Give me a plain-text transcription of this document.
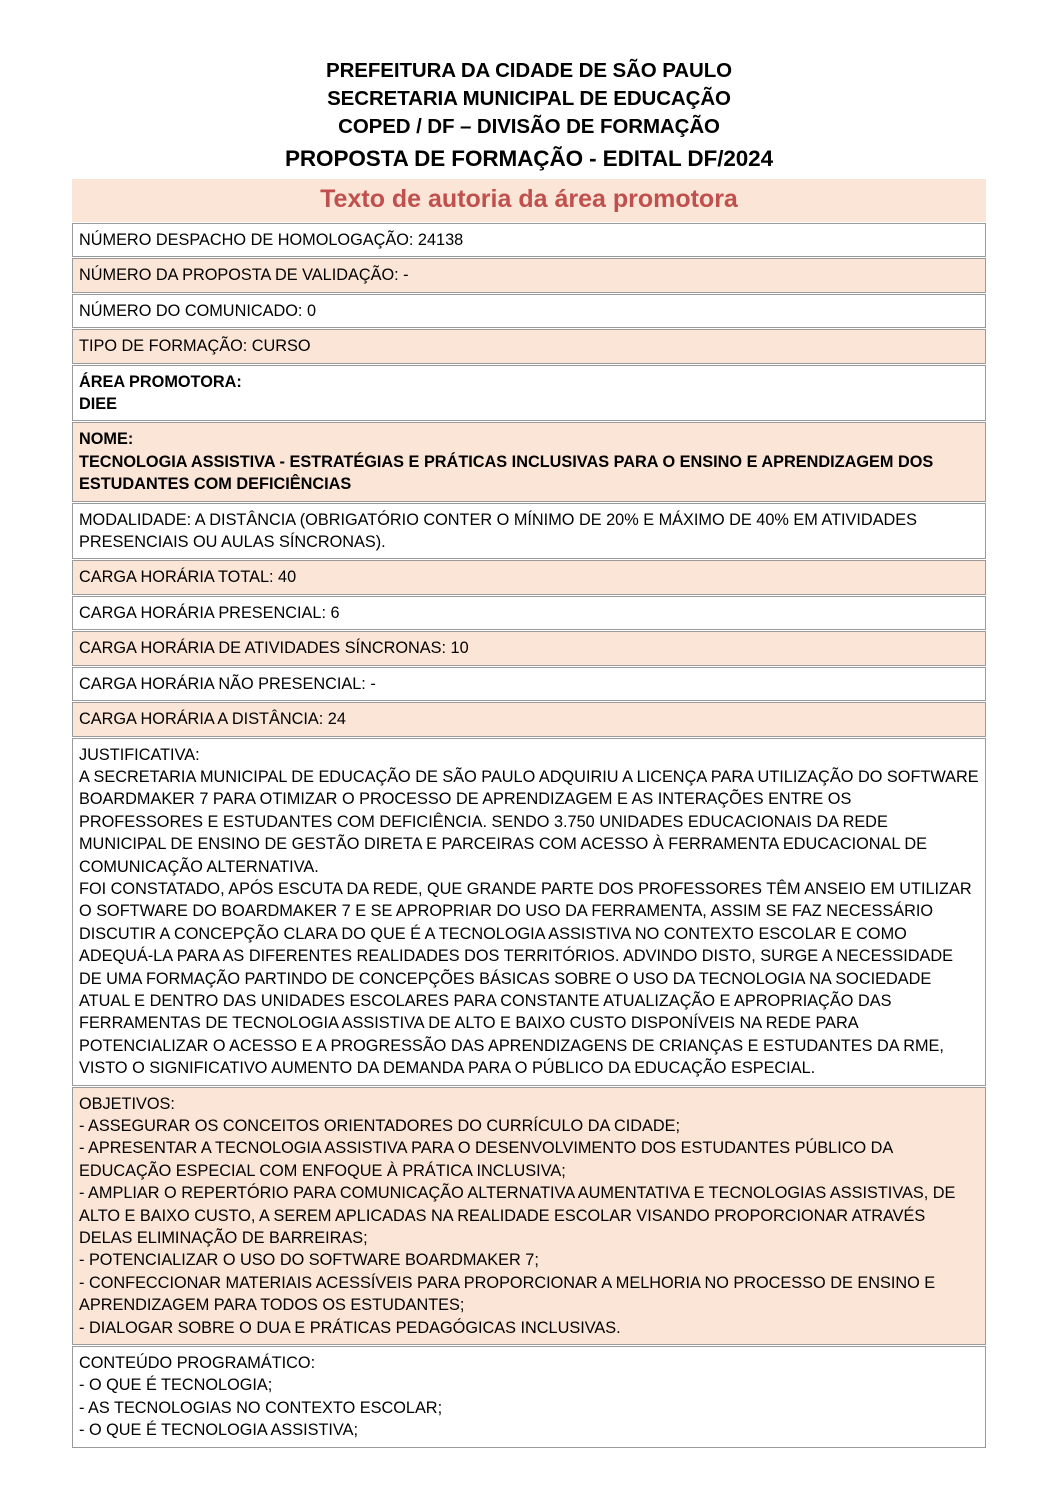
PREFEITURA DA CIDADE DE SÃO PAULO
SECRETARIA MUNICIPAL DE EDUCAÇÃO
COPED / DF – DIVISÃO DE FORMAÇÃO
PROPOSTA DE FORMAÇÃO - EDITAL DF/2024
Texto de autoria da área promotora

NÚMERO DESPACHO DE HOMOLOGAÇÃO: 24138

NÚMERO DA PROPOSTA DE VALIDAÇÃO: -

NÚMERO DO COMUNICADO: 0

TIPO DE FORMAÇÃO: CURSO

ÁREA PROMOTORA:

DIEE

NOME:

TECNOLOGIA ASSISTIVA - ESTRATÉGIAS E PRÁTICAS INCLUSIVAS PARA O ENSINO E APRENDIZAGEM DOS ESTUDANTES COM DEFICIÊNCIAS

MODALIDADE: A DISTÂNCIA (OBRIGATÓRIO CONTER O MÍNIMO DE 20% E MÁXIMO DE 40% EM ATIVIDADES PRESENCIAIS OU AULAS SÍNCRONAS).

CARGA HORÁRIA TOTAL: 40

CARGA HORÁRIA PRESENCIAL: 6

CARGA HORÁRIA DE ATIVIDADES SÍNCRONAS: 10

CARGA HORÁRIA NÃO PRESENCIAL: -

CARGA HORÁRIA A DISTÂNCIA: 24

JUSTIFICATIVA:

A SECRETARIA MUNICIPAL DE EDUCAÇÃO DE SÃO PAULO ADQUIRIU A LICENÇA PARA UTILIZAÇÃO DO SOFTWARE BOARDMAKER 7 PARA OTIMIZAR O PROCESSO DE APRENDIZAGEM E AS INTERAÇÕES ENTRE OS PROFESSORES E ESTUDANTES COM DEFICIÊNCIA. SENDO 3.750 UNIDADES EDUCACIONAIS DA REDE MUNICIPAL DE ENSINO DE GESTÃO DIRETA E PARCEIRAS COM ACESSO À FERRAMENTA EDUCACIONAL DE COMUNICAÇÃO ALTERNATIVA.

FOI CONSTATADO, APÓS ESCUTA DA REDE, QUE GRANDE PARTE DOS PROFESSORES TÊM ANSEIO EM UTILIZAR O SOFTWARE DO BOARDMAKER 7 E SE APROPRIAR DO USO DA FERRAMENTA, ASSIM SE FAZ NECESSÁRIO DISCUTIR A CONCEPÇÃO CLARA DO QUE É A TECNOLOGIA ASSISTIVA NO CONTEXTO ESCOLAR E COMO ADEQUÁ-LA PARA AS DIFERENTES REALIDADES DOS TERRITÓRIOS. ADVINDO DISTO, SURGE A NECESSIDADE DE UMA FORMAÇÃO PARTINDO DE CONCEPÇÕES BÁSICAS SOBRE O USO DA TECNOLOGIA NA SOCIEDADE ATUAL E DENTRO DAS UNIDADES ESCOLARES PARA CONSTANTE ATUALIZAÇÃO E APROPRIAÇÃO DAS FERRAMENTAS DE TECNOLOGIA ASSISTIVA DE ALTO E BAIXO CUSTO DISPONÍVEIS NA REDE PARA POTENCIALIZAR O ACESSO E A PROGRESSÃO DAS APRENDIZAGENS DE CRIANÇAS E ESTUDANTES DA RME, VISTO O SIGNIFICATIVO AUMENTO DA DEMANDA PARA O PÚBLICO DA EDUCAÇÃO ESPECIAL.

OBJETIVOS:

- ASSEGURAR OS CONCEITOS ORIENTADORES DO CURRÍCULO DA CIDADE;

- APRESENTAR A TECNOLOGIA ASSISTIVA PARA O DESENVOLVIMENTO DOS ESTUDANTES PÚBLICO DA EDUCAÇÃO ESPECIAL COM ENFOQUE À PRÁTICA INCLUSIVA;

- AMPLIAR O REPERTÓRIO PARA COMUNICAÇÃO ALTERNATIVA AUMENTATIVA E TECNOLOGIAS ASSISTIVAS, DE ALTO E BAIXO CUSTO, A SEREM APLICADAS NA REALIDADE ESCOLAR VISANDO PROPORCIONAR ATRAVÉS DELAS ELIMINAÇÃO DE BARREIRAS;

- POTENCIALIZAR O USO DO SOFTWARE BOARDMAKER 7;

- CONFECCIONAR MATERIAIS ACESSÍVEIS PARA PROPORCIONAR A MELHORIA NO PROCESSO DE ENSINO E APRENDIZAGEM PARA TODOS OS ESTUDANTES;

- DIALOGAR SOBRE O DUA E PRÁTICAS PEDAGÓGICAS INCLUSIVAS.

CONTEÚDO PROGRAMÁTICO:

- O QUE É TECNOLOGIA;

- AS TECNOLOGIAS NO CONTEXTO ESCOLAR;

- O QUE É TECNOLOGIA ASSISTIVA;
